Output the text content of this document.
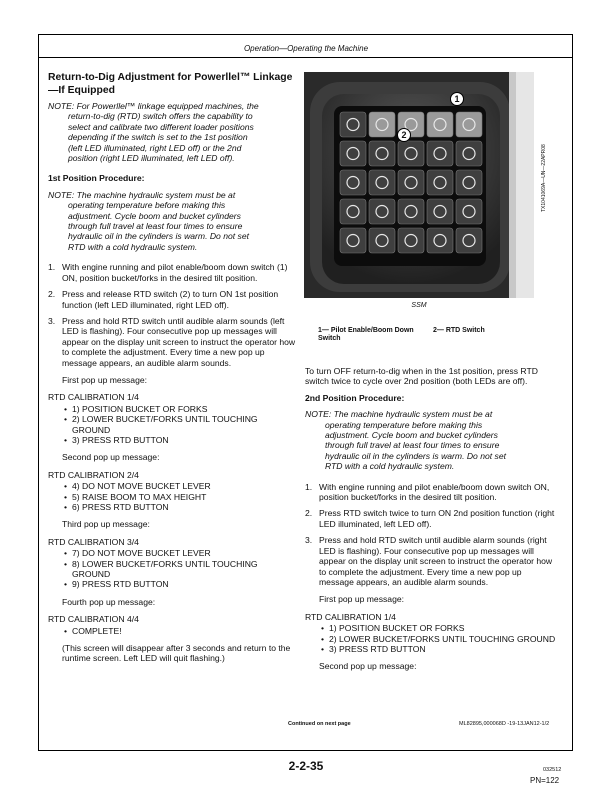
Operation—Operating the Machine
Return-to-Dig Adjustment for Powerllel™ Linkage—If Equipped
NOTE: For Powerllel™ linkage equipped machines, the
return-to-dig (RTD) switch offers the capability to
select and calibrate two different loader positions
depending if the switch is set to the 1st position
(left LED illuminated, right LED off) or the 2nd
position (right LED illuminated, left LED off).
1st Position Procedure:
NOTE: The machine hydraulic system must be at
operating temperature before making this
adjustment. Cycle boom and bucket cylinders
through full travel at least four times to ensure
hydraulic oil in the cylinders is warm. Do not set
RTD with a cold hydraulic system.
1. With engine running and pilot enable/boom down switch (1) ON, position bucket/forks in the desired tilt position.
2. Press and release RTD switch (2) to turn ON 1st position function (left LED illuminated, right LED off).
3. Press and hold RTD switch until audible alarm sounds (left LED is flashing). Four consecutive pop up messages will appear on the display unit screen to instruct the operator how to complete the adjustment. Every time a new pop up message appears, an audible alarm sounds.
First pop up message:
RTD CALIBRATION 1/4
• 1) POSITION BUCKET OR FORKS
• 2) LOWER BUCKET/FORKS UNTIL TOUCHING GROUND
• 3) PRESS RTD BUTTON
Second pop up message:
RTD CALIBRATION 2/4
• 4) DO NOT MOVE BUCKET LEVER
• 5) RAISE BOOM TO MAX HEIGHT
• 6) PRESS RTD BUTTON
Third pop up message:
RTD CALIBRATION 3/4
• 7) DO NOT MOVE BUCKET LEVER
• 8) LOWER BUCKET/FORKS UNTIL TOUCHING GROUND
• 9) PRESS RTD BUTTON
Fourth pop up message:
RTD CALIBRATION 4/4
• COMPLETE!
(This screen will disappear after 3 seconds and return to the runtime screen. Left LED will quit flashing.)
1
2
TX1041069A—UN—22APR08
SSM
1— Pilot Enable/Boom Down Switch
2— RTD Switch

To turn OFF return-to-dig when in the 1st position, press RTD switch twice to cycle over 2nd position (both LEDs are off).

2nd Position Procedure:
NOTE: The machine hydraulic system must be at
operating temperature before making this
adjustment. Cycle boom and bucket cylinders
through full travel at least four times to ensure
hydraulic oil in the cylinders is warm. Do not set
RTD with a cold hydraulic system.
1. With engine running and pilot enable/boom down switch ON, position bucket/forks in the desired tilt position.
2. Press RTD switch twice to turn ON 2nd position function (right LED illuminated, left LED off).
3. Press and hold RTD switch until audible alarm sounds (right LED is flashing). Four consecutive pop up messages will appear on the display unit screen to instruct the operator how to complete the adjustment. Every time a new pop up message appears, an audible alarm sounds.
First pop up message:
RTD CALIBRATION 1/4
• 1) POSITION BUCKET OR FORKS
• 2) LOWER BUCKET/FORKS UNTIL TOUCHING GROUND
• 3) PRESS RTD BUTTON
Second pop up message:
Continued on next page	ML82895,000068D -19-13JAN12-1/2
2-2-35	032512
PN=122
